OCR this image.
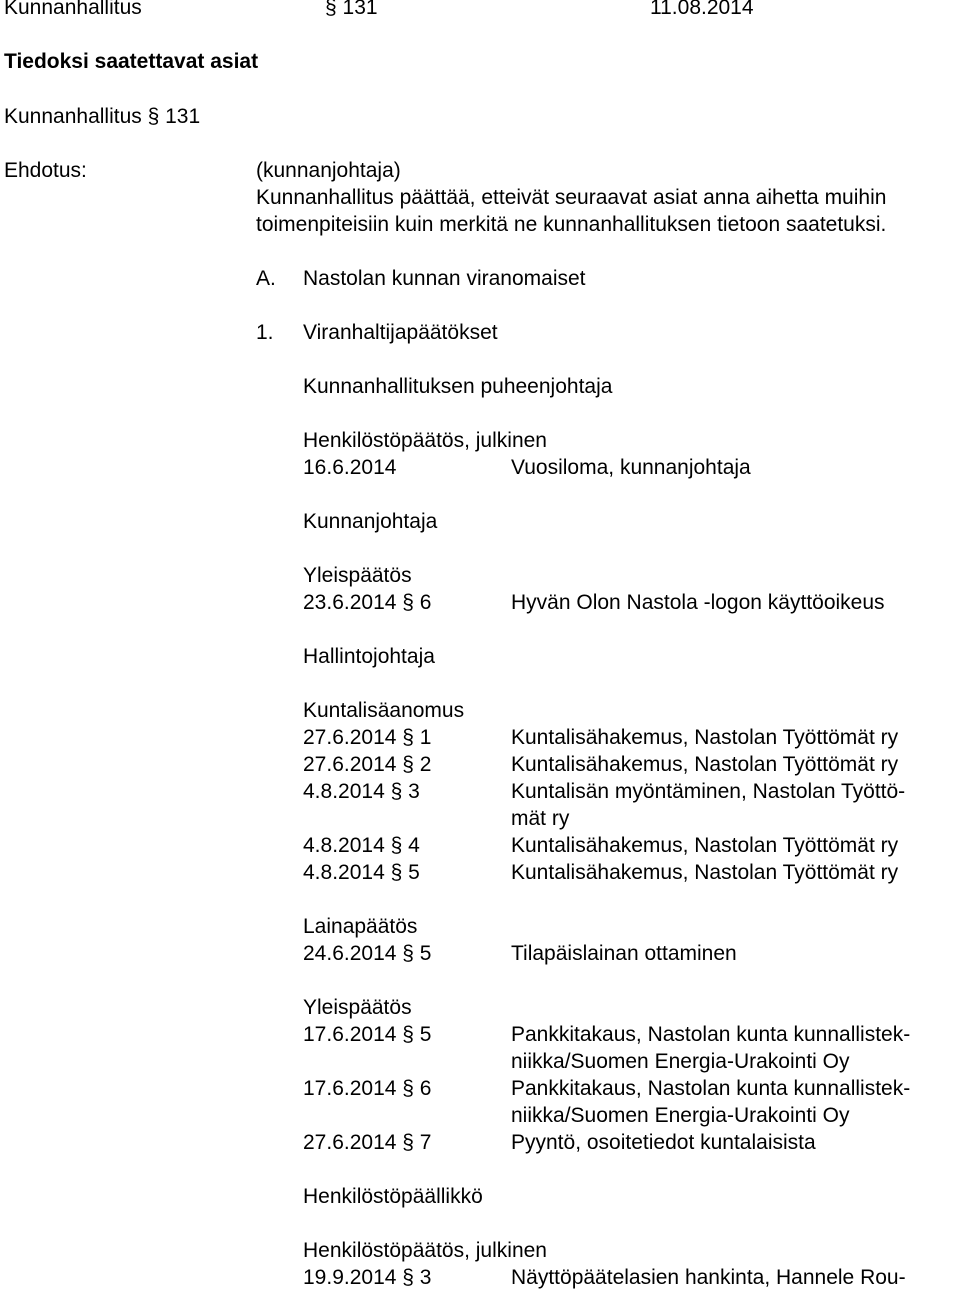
Kunnanhallitus	§ 131	11.08.2014

Tiedoksi saatettavat asiat

Kunnanhallitus § 131

Ehdotus:	(kunnanjohtaja)

Kunnanhallitus päättää, etteivät seuraavat asiat anna aihetta muihin

toimenpiteisiin kuin merkitä ne kunnanhallituksen tietoon saatetuksi.

A. Nastolan kunnan viranomaiset

1. Viranhaltijapäätökset

Kunnanhallituksen puheenjohtaja

Henkilöstöpäätös, julkinen

16.6.2014	Vuosiloma, kunnanjohtaja

Kunnanjohtaja

Yleispäätös

23.6.2014 § 6	Hyvän Olon Nastola -logon käyttöoikeus

Hallintojohtaja

Kuntalisäanomus

27.6.2014 § 1	Kuntalisähakemus, Nastolan Työttömät ry

27.6.2014 § 2	Kuntalisähakemus, Nastolan Työttömät ry

4.8.2014 § 3	Kuntalisän myöntäminen, Nastolan Työttö-

mät ry

4.8.2014 § 4	Kuntalisähakemus, Nastolan Työttömät ry

4.8.2014 § 5	Kuntalisähakemus, Nastolan Työttömät ry

Lainapäätös

24.6.2014 § 5	Tilapäislainan ottaminen

Yleispäätös

17.6.2014 § 5	Pankkitakaus, Nastolan kunta kunnallistek-

niikka/Suomen Energia-Urakointi Oy

17.6.2014 § 6	Pankkitakaus, Nastolan kunta kunnallistek-

niikka/Suomen Energia-Urakointi Oy

27.6.2014 § 7	Pyyntö, osoitetiedot kuntalaisista

Henkilöstöpäällikkö

Henkilöstöpäätös, julkinen

19.9.2014 § 3	Näyttöpäätelasien hankinta, Hannele Rou-
